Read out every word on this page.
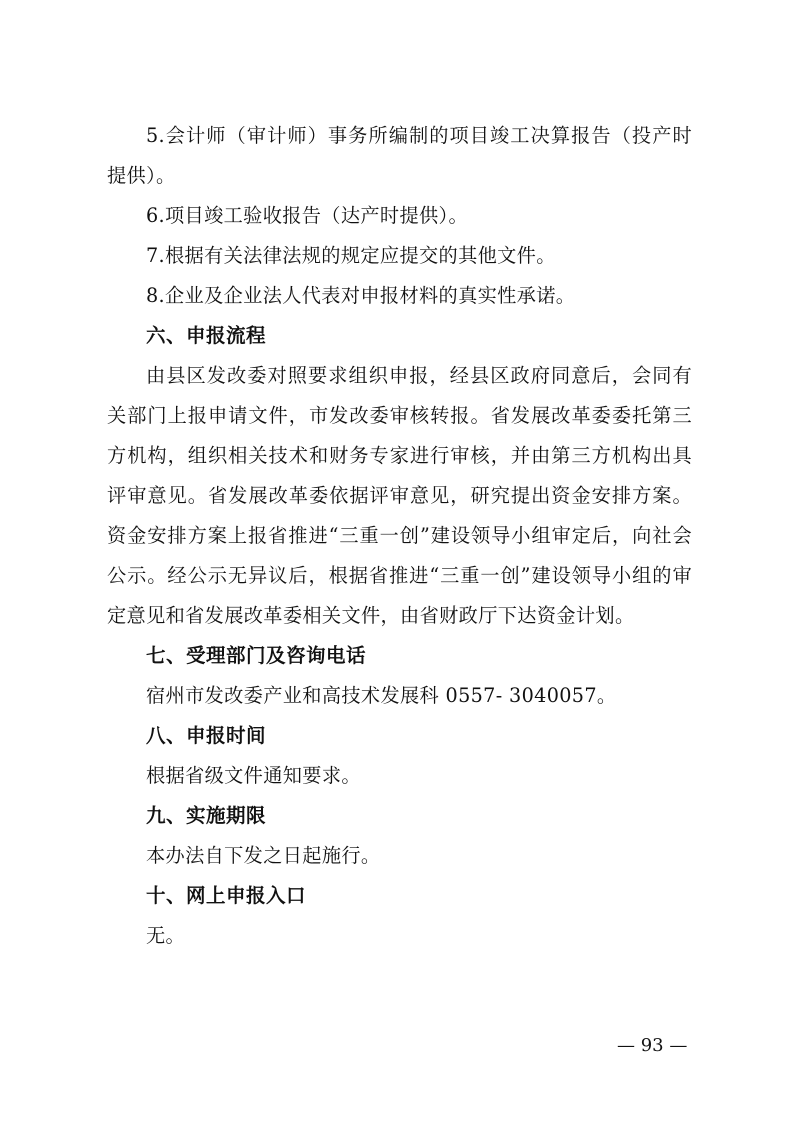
5.会计师（审计师）事务所编制的项目竣工决算报告（投产时提供）。

6.项目竣工验收报告（达产时提供）。

7.根据有关法律法规的规定应提交的其他文件。

8.企业及企业法人代表对申报材料的真实性承诺。

六、申报流程

由县区发改委对照要求组织申报，经县区政府同意后，会同有关部门上报申请文件，市发改委审核转报。省发展改革委委托第三方机构，组织相关技术和财务专家进行审核，并由第三方机构出具评审意见。省发展改革委依据评审意见，研究提出资金安排方案。资金安排方案上报省推进“三重一创”建设领导小组审定后，向社会公示。经公示无异议后，根据省推进“三重一创”建设领导小组的审定意见和省发展改革委相关文件，由省财政厅下达资金计划。

七、受理部门及咨询电话

宿州市发改委产业和高技术发展科 0557- 3040057。

八、申报时间

根据省级文件通知要求。

九、实施期限

本办法自下发之日起施行。

十、网上申报入口

无。

— 93 —
